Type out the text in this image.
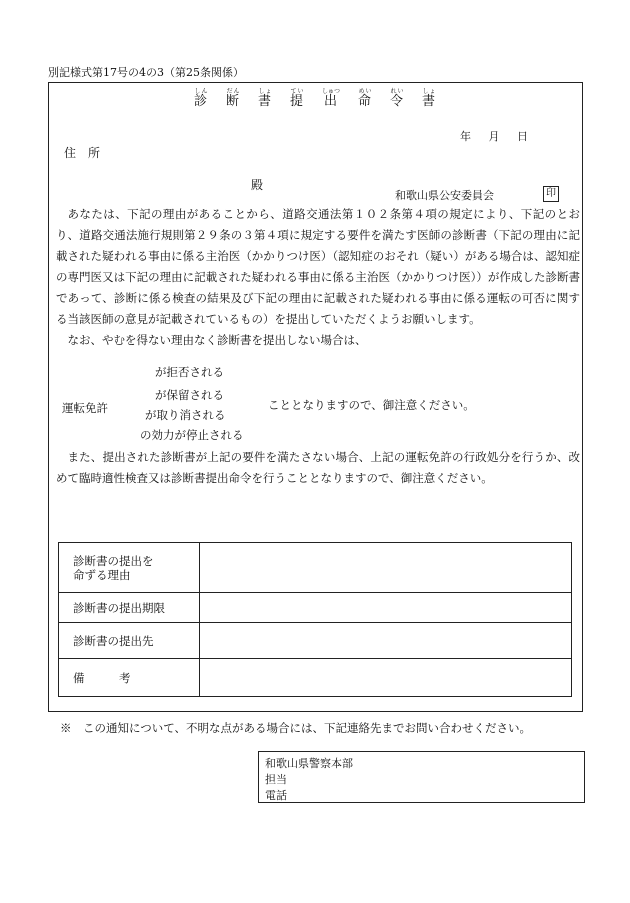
別記様式第17号の4の3（第25条関係）
診しん断だん書しょ提てい出しゅつ命めい令れい書しょ
年 月 日
住　所
殿
和歌山県公安委員会	印

あなたは、下記の理由があることから、道路交通法第１０２条第４項の規定により、下記のとおり、道路交通法施行規則第２９条の３第４項に規定する要件を満たす医師の診断書（下記の理由に記載された疑われる事由に係る主治医（かかりつけ医）（認知症のおそれ（疑い）がある場合は、認知症の専門医又は下記の理由に記載された疑われる事由に係る主治医（かかりつけ医））が作成した診断書であって、診断に係る検査の結果及び下記の理由に記載された疑われる事由に係る運転の可否に関する当該医師の意見が記載されているもの）を提出していただくようお願いします。

なお、やむを得ない理由なく診断書を提出しない場合は、

運転免許
が拒否される
が保留される
が取り消される
の効力が停止される
こととなりますので、御注意ください。

また、提出された診断書が上記の要件を満たさない場合、上記の運転免許の行政処分を行うか、改めて臨時適性検査又は診断書提出命令を行うこととなりますので、御注意ください。

診断書の提出を
命ずる理由	
診断書の提出期限	
診断書の提出先	
備　　　考	
※　この通知について、不明な点がある場合には、下記連絡先までお問い合わせください。
和歌山県警察本部
担当
電話
